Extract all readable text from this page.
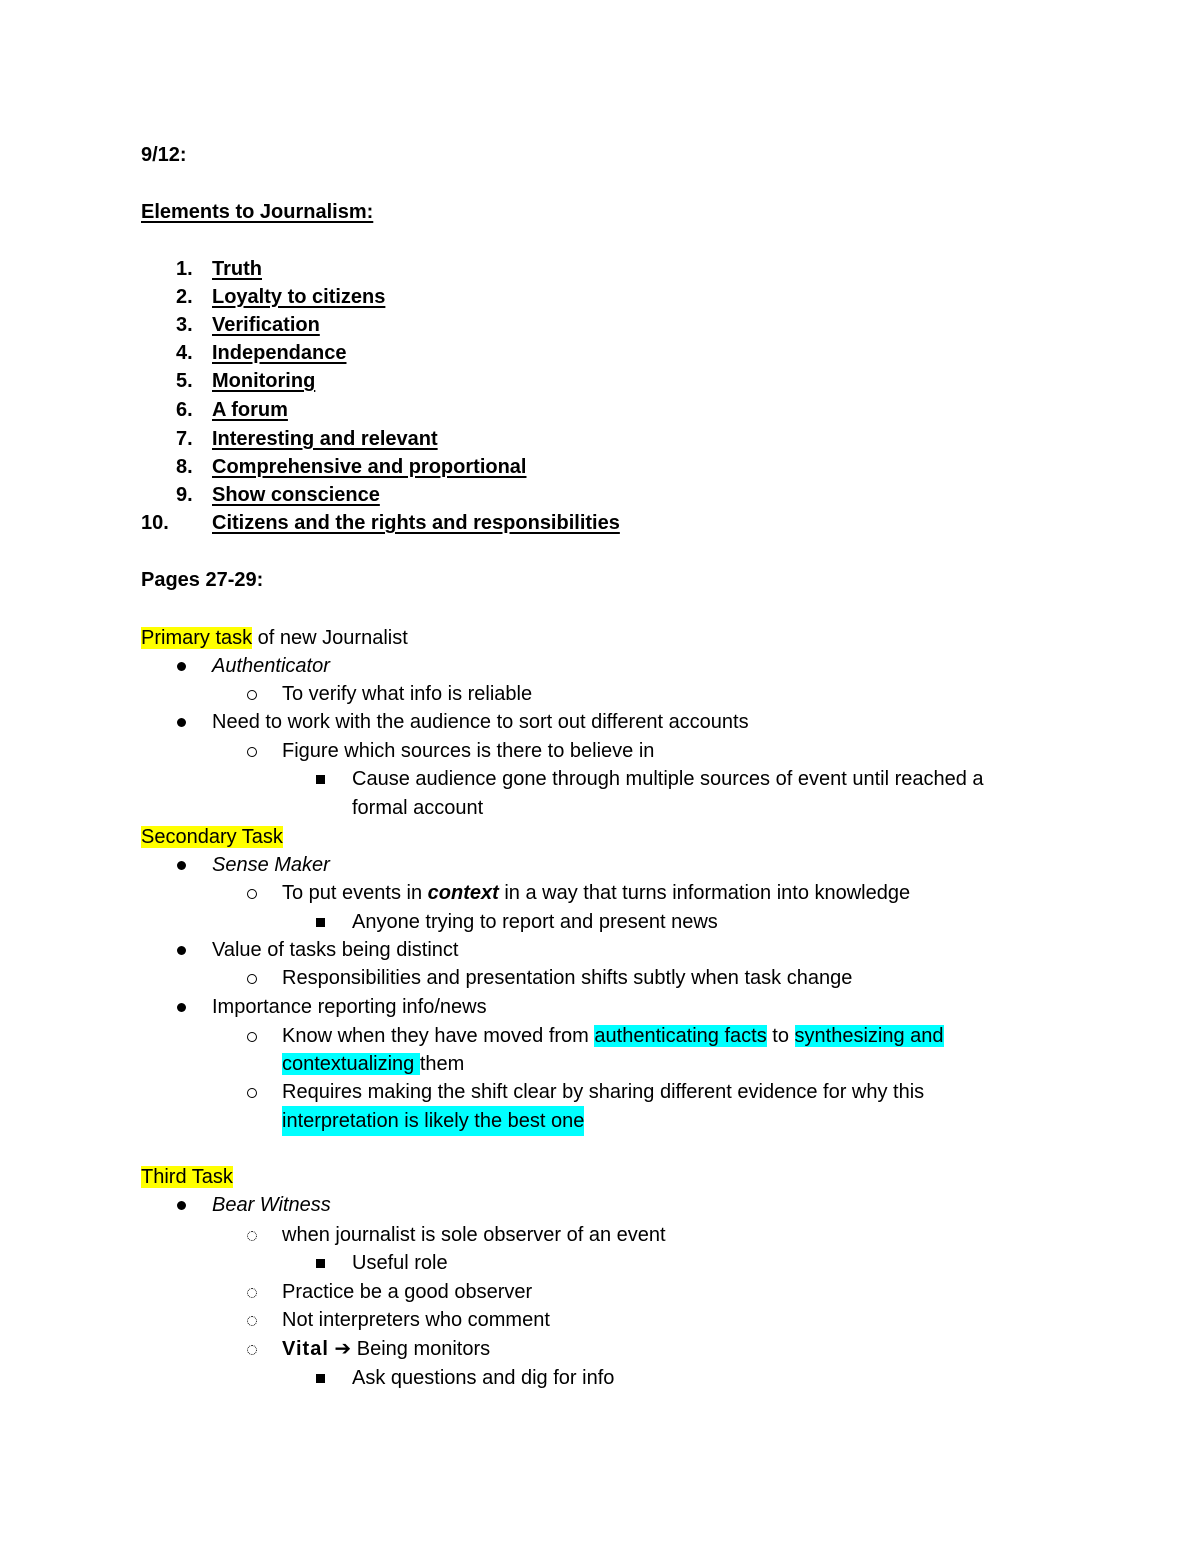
9/12:
Elements to Journalism:
1. Truth
2. Loyalty to citizens
3. Verification
4. Independance
5. Monitoring
6. A forum
7. Interesting and relevant
8. Comprehensive and proportional
9. Show conscience
10. Citizens and the rights and responsibilities
Pages 27-29:
Primary task of new Journalist
Authenticator
To verify what info is reliable
Need to work with the audience to sort out different accounts
Figure which sources is there to believe in
Cause audience gone through multiple sources of event until reached a
formal account
Secondary Task
Sense Maker
To put events in context in a way that turns information into knowledge
Anyone trying to report and present news
Value of tasks being distinct
Responsibilities and presentation shifts subtly when task change
Importance reporting info/news
Know when they have moved from authenticating facts to synthesizing and
contextualizing them
Requires making the shift clear by sharing different evidence for why this
interpretation is likely the best one
Third Task
Bear Witness
when journalist is sole observer of an event
Useful role
Practice be a good observer
Not interpreters who comment
Vital ➔ Being monitors
Ask questions and dig for info
